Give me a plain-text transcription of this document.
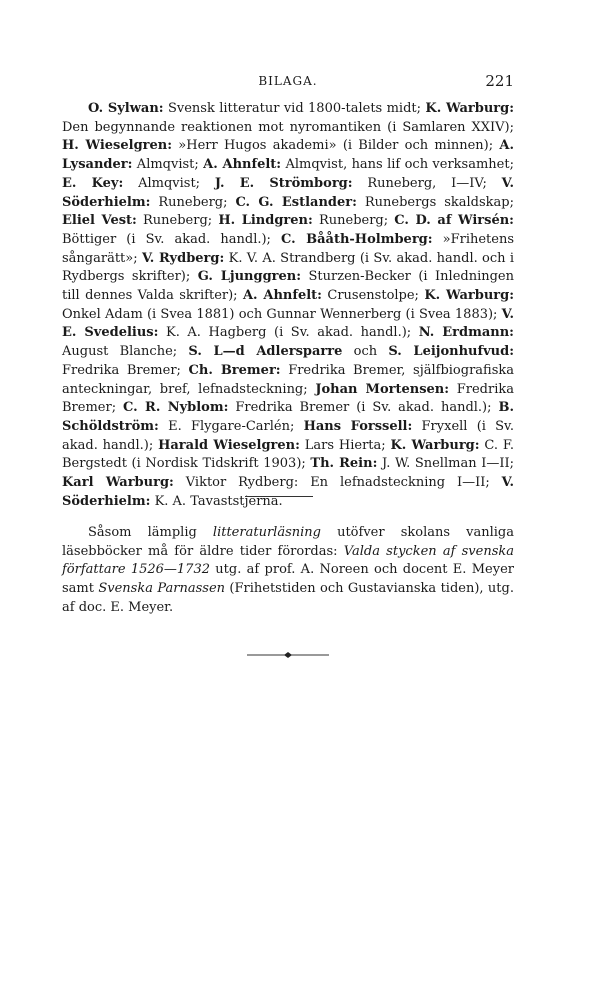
BILAGA.	221

O. Sylwan: Svensk litteratur vid 1800-talets midt; K. Warburg: Den begynnande reaktionen mot nyromantiken (i Samlaren XXIV); H. Wieselgren: »Herr Hugos akademi» (i Bilder och minnen); A. Lysander: Almqvist; A. Ahnfelt: Almqvist, hans lif och verksamhet; E. Key: Almqvist; J. E. Strömborg: Runeberg, I—IV; V. Söderhielm: Runeberg; C. G. Estlander: Runebergs skaldskap; Eliel Vest: Runeberg; H. Lindgren: Runeberg; C. D. af Wirsén: Böttiger (i Sv. akad. handl.); C. Bååth-Holmberg: »Frihetens sångarätt»; V. Rydberg: K. V. A. Strandberg (i Sv. akad. handl. och i Rydbergs skrifter); G. Ljunggren: Sturzen-Becker (i Inledningen till dennes Valda skrifter); A. Ahnfelt: Crusenstolpe; K. Warburg: Onkel Adam (i Svea 1881) och Gunnar Wennerberg (i Svea 1883); V. E. Svedelius: K. A. Hagberg (i Sv. akad. handl.); N. Erdmann: August Blanche; S. L—d Adlersparre och S. Leijonhufvud: Fredrika Bremer; Ch. Bremer: Fredrika Bremer, själfbiografiska anteckningar, bref, lefnadsteckning; Johan Mortensen: Fredrika Bremer; C. R. Nyblom: Fredrika Bremer (i Sv. akad. handl.); B. Schöldström: E. Flygare-Carlén; Hans Forssell: Fryxell (i Sv. akad. handl.); Harald Wieselgren: Lars Hierta; K. Warburg: C. F. Bergstedt (i Nordisk Tidskrift 1903); Th. Rein: J. W. Snellman I—II; Karl Warburg: Viktor Rydberg: En lefnadsteckning I—II; V. Söderhielm: K. A. Tavaststjerna.

Såsom lämplig litteraturläsning utöfver skolans vanliga läsebböcker må för äldre tider förordas: Valda stycken af svenska författare 1526—1732 utg. af prof. A. Noreen och docent E. Meyer samt Svenska Parnassen (Frihetstiden och Gustavianska tiden), utg. af doc. E. Meyer.
